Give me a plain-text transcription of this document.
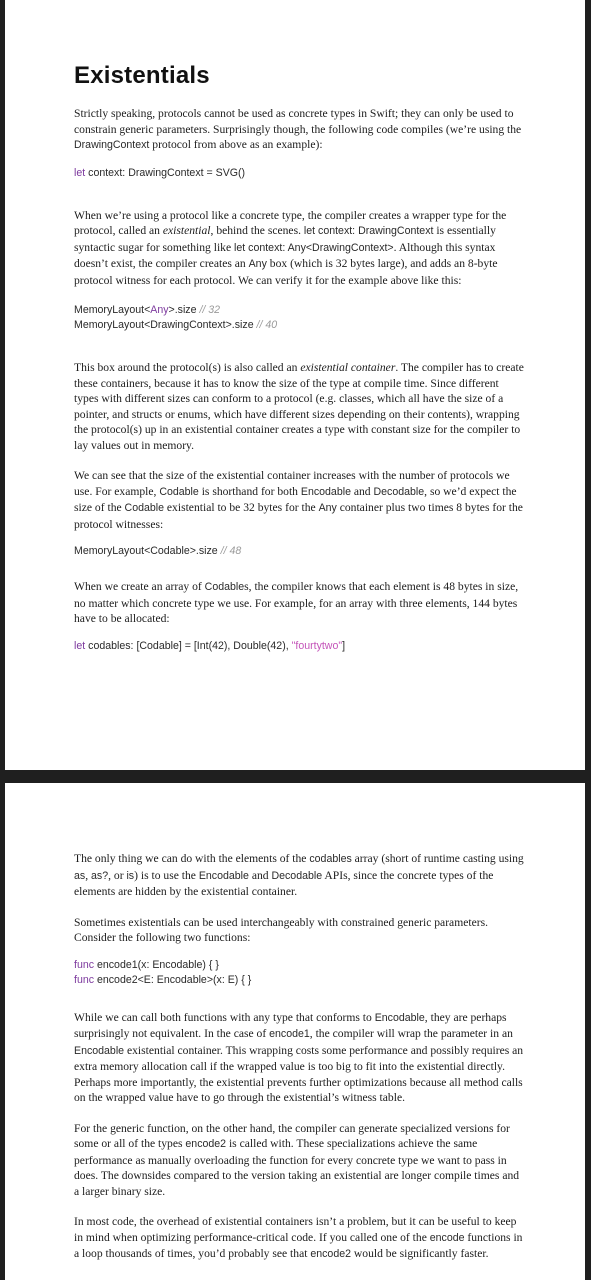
Existentials

Strictly speaking, protocols cannot be used as concrete types in Swift; they can only be used to constrain generic parameters. Surprisingly though, the following code compiles (we’re using the DrawingContext protocol from above as an example):

let context: DrawingContext = SVG()

When we’re using a protocol like a concrete type, the compiler creates a wrapper type for the protocol, called an existential, behind the scenes. let context: DrawingContext is essentially syntactic sugar for something like let context: Any<DrawingContext>. Although this syntax doesn’t exist, the compiler creates an Any box (which is 32 bytes large), and adds an 8-byte protocol witness for each protocol. We can verify it for the example above like this:

MemoryLayout<Any>.size // 32
MemoryLayout<DrawingContext>.size // 40

This box around the protocol(s) is also called an existential container. The compiler has to create these containers, because it has to know the size of the type at compile time. Since different types with different sizes can conform to a protocol (e.g. classes, which all have the size of a pointer, and structs or enums, which have different sizes depending on their contents), wrapping the protocol(s) up in an existential container creates a type with constant size for the compiler to lay values out in memory.

We can see that the size of the existential container increases with the number of protocols we use. For example, Codable is shorthand for both Encodable and Decodable, so we’d expect the size of the Codable existential to be 32 bytes for the Any container plus two times 8 bytes for the protocol witnesses:

MemoryLayout<Codable>.size // 48

When we create an array of Codables, the compiler knows that each element is 48 bytes in size, no matter which concrete type we use. For example, for an array with three elements, 144 bytes have to be allocated:

let codables: [Codable] = [Int(42), Double(42), "fourtytwo"]

The only thing we can do with the elements of the codables array (short of runtime casting using as, as?, or is) is to use the Encodable and Decodable APIs, since the concrete types of the elements are hidden by the existential container.

Sometimes existentials can be used interchangeably with constrained generic parameters. Consider the following two functions:

func encode1(x: Encodable) { }
func encode2<E: Encodable>(x: E) { }

While we can call both functions with any type that conforms to Encodable, they are perhaps surprisingly not equivalent. In the case of encode1, the compiler will wrap the parameter in an Encodable existential container. This wrapping costs some performance and possibly requires an extra memory allocation call if the wrapped value is too big to fit into the existential directly. Perhaps more importantly, the existential prevents further optimizations because all method calls on the wrapped value have to go through the existential’s witness table.

For the generic function, on the other hand, the compiler can generate specialized versions for some or all of the types encode2 is called with. These specializations achieve the same performance as manually overloading the function for every concrete type we want to pass in does. The downsides compared to the version taking an existential are longer compile times and a larger binary size.

In most code, the overhead of existential containers isn’t a problem, but it can be useful to keep in mind when optimizing performance-critical code. If you called one of the encode functions in a loop thousands of times, you’d probably see that encode2 would be significantly faster.
